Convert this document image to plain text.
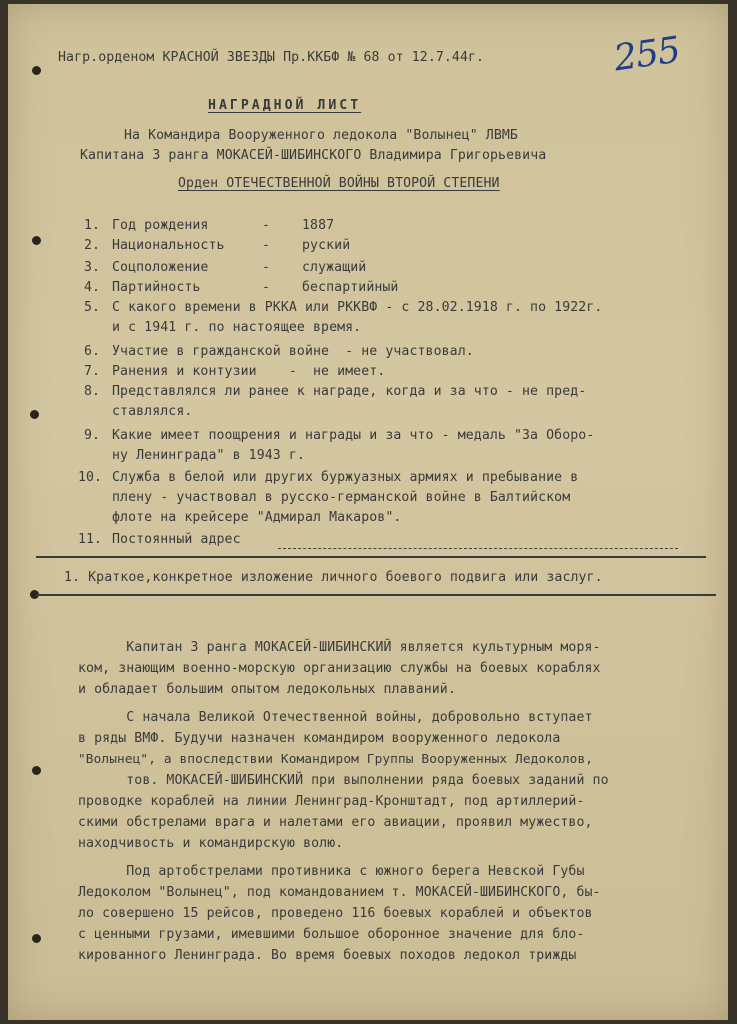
Нагр.орденом КРАСНОЙ ЗВЕЗДЫ Пр.ККБФ № 68 от 12.7.44г.	255
НАГРАДНОЙ ЛИСТ
На Командира Вооруженного ледокола "Волынец" ЛВМБ
Капитана 3 ранга МОКАСЕЙ-ШИБИНСКОГО Владимира Григорьевича
Орден ОТЕЧЕСТВЕННОЙ ВОЙНЫ ВТОРОЙ СТЕПЕНИ
1. Год рождения	- 1887
2. Национальность	- руский
3. Соцположение	- служащий
4. Партийность	- беспартийный
5. С какого времени в РККА или РККВФ - с 28.02.1918 г. по 1922г.
и с 1941 г. по настоящее время.
6. Участие в гражданской войне  - не участвовал.
7. Ранения и контузии    -  не имеет.
8. Представлялся ли ранее к награде, когда и за что - не пред-
ставлялся.
9. Какие имеет поощрения и награды и за что - медаль "За Оборо-
ну Ленинграда" в 1943 г.
10. Служба в белой или других буржуазных армиях и пребывание в
плену - участвовал в русско-германской войне в Балтийском
флоте на крейсере "Адмирал Макаров".
11. Постоянный адрес
1. Краткое,конкретное изложение личного боевого подвига или заслуг.
Капитан 3 ранга МОКАСЕЙ-ШИБИНСКИЙ является культурным моря-
ком, знающим военно-морскую организацию службы на боевых кораблях
и обладает большим опытом ледокольных плаваний.
С начала Великой Отечественной войны, добровольно вступает
в ряды ВМФ. Будучи назначен командиром вооруженного ледокола
"Волынец", а впоследствии Командиром Группы Вооруженных Ледоколов,
тов. МОКАСЕЙ-ШИБИНСКИЙ при выполнении ряда боевых заданий по
проводке кораблей на линии Ленинград-Кронштадт, под артиллерий-
скими обстрелами врага и налетами его авиации, проявил мужество,
находчивость и командирскую волю.
Под артобстрелами противника с южного берега Невской Губы
Ледоколом "Волынец", под командованием т. МОКАСЕЙ-ШИБИНСКОГО, бы-
ло совершено 15 рейсов, проведено 116 боевых кораблей и объектов
с ценными грузами, имевшими большое оборонное значение для бло-
кированного Ленинграда. Во время боевых походов ледокол трижды
